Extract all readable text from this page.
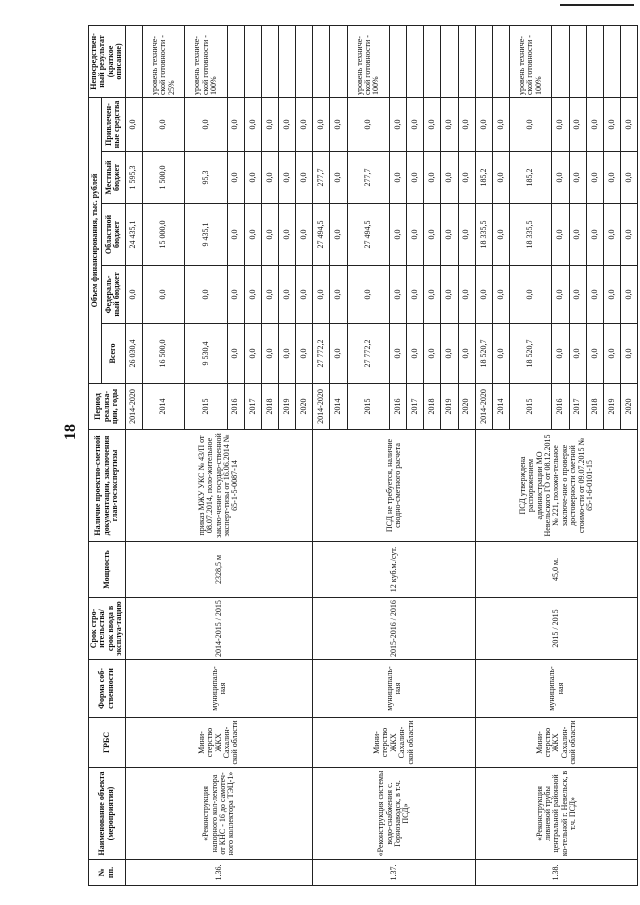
18
№ пп.	Наименование объекта (мероприятия)	ГРБС	Форма соб-ственности	Срок стро-ительства/ срок ввода в эксплуа-тацию	Мощность	Наличие проектно-сметной документации, заключения глав-госэкспертизы	Период реализа-ции, годы	Объем финансирования, тыс. рублей					Непосредствен-ный результат (краткое описание)
								Всего	Федераль-ный бюджет	Областной бюджет	Местный бюджет	Привлечен-ные средства	
1.36.	«Реконструкция напорного кол-лектора от КНС - 16 до самотеч-ного коллектора ТЭЦ-1»	Мини-стерство ЖКХ Сахалин-ской области	муниципаль-ная	2014-2015 / 2015	2328,5 м	приказ МЖУ УКС № 43/П от 08.07.2014, поло-жительное заклю-чение государ-ственной эксперт-тизы от 16.06.2014 № 65-1-5-0087-14	2014-2020	26 030,4	0,0	24 435,1	1 595,3	0,0	
							2014	16 500,0	0,0	15 000,0	1 500,0	0,0	уровень техниче-ской готовности - 25%
							2015	9 530,4	0,0	9 435,1	95,3	0,0	уровень техниче-ской готовности - 100%
							2016	0,0	0,0	0,0	0,0	0,0	
							2017	0,0	0,0	0,0	0,0	0,0	
							2018	0,0	0,0	0,0	0,0	0,0	
							2019	0,0	0,0	0,0	0,0	0,0	
							2020	0,0	0,0	0,0	0,0	0,0	
1.37.	«Реконструкция системы водо-снабжения с. Горнозаводск, в т.ч. ПСД»	Мини-стерство ЖКХ Сахалин-ской области	муниципаль-ная	2015-2016 / 2016	12 куб.м./сут.	ПСД не требуется, наличие сводно-сметного расчета	2014-2020	27 772,2	0,0	27 494,5	277,7	0,0	
							2014	0,0	0,0	0,0	0,0	0,0	
							2015	27 772,2	0,0	27 494,5	277,7	0,0	уровень техниче-ской готовности - 100%
							2016	0,0	0,0	0,0	0,0	0,0	
							2017	0,0	0,0	0,0	0,0	0,0	
							2018	0,0	0,0	0,0	0,0	0,0	
							2019	0,0	0,0	0,0	0,0	0,0	
							2020	0,0	0,0	0,0	0,0	0,0	
1.38.	«Реконструкция ливневой трубы центральной районной ко-тельной г. Невельск, в т.ч. ПСД»	Мини-стерство ЖКХ Сахалин-ской области	муниципаль-ная	2015 / 2015	45,0 м.	ПСД утверждена распоряжением администрации МО Невельского ГО от 08.12.2015 № 221, положи-тельное заключе-ние о проверке достоверности сметной стоимо-сти от 09.07.2015 № 65-1-6-0101-15	2014-2020	18 520,7	0,0	18 335,5	185,2	0,0	
							2014	0,0	0,0	0,0	0,0	0,0	
							2015	18 520,7	0,0	18 335,5	185,2	0,0	уровень техниче-ской готовности - 100%
							2016	0,0	0,0	0,0	0,0	0,0	
							2017	0,0	0,0	0,0	0,0	0,0	
							2018	0,0	0,0	0,0	0,0	0,0	
							2019	0,0	0,0	0,0	0,0	0,0	
							2020	0,0	0,0	0,0	0,0	0,0	
